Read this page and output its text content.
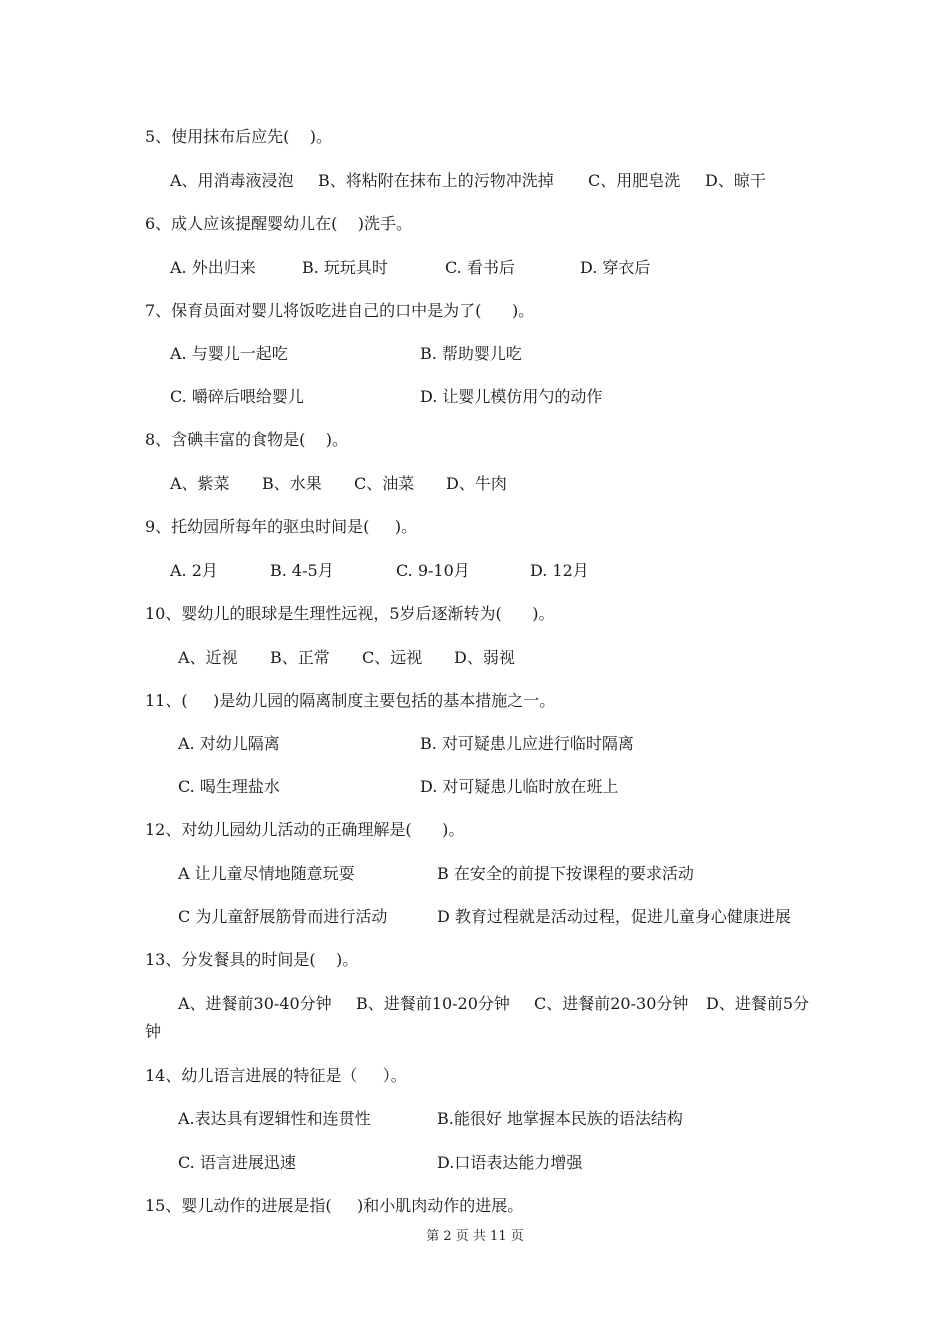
5、使用抹布后应先(    )。
A、用消毒液浸泡 B、将粘附在抹布上的污物冲洗掉 C、用肥皂洗 D、晾干
6、成人应该提醒婴幼儿在(    )洗手。
A. 外出归来	B. 玩玩具时	C. 看书后	D. 穿衣后
7、保育员面对婴儿将饭吃进自己的口中是为了(      )。
A. 与婴儿一起吃	B. 帮助婴儿吃
C. 嚼碎后喂给婴儿	D. 让婴儿模仿用勺的动作
8、含碘丰富的食物是(    )。
A、紫菜 B、水果 C、油菜 D、牛肉
9、托幼园所每年的驱虫时间是(     )。
A. 2月	B. 4-5月	C. 9-10月	D. 12月
10、婴幼儿的眼球是生理性远视，5岁后逐渐转为(      )。
A、近视 B、正常 C、远视 D、弱视
11、(     )是幼儿园的隔离制度主要包括的基本措施之一。
A. 对幼儿隔离	B. 对可疑患儿应进行临时隔离
C. 喝生理盐水	D. 对可疑患儿临时放在班上
12、对幼儿园幼儿活动的正确理解是(      )。
A 让儿童尽情地随意玩耍	B 在安全的前提下按课程的要求活动
C 为儿童舒展筋骨而进行活动	D 教育过程就是活动过程，促进儿童身心健康进展
13、分发餐具的时间是(    )。
A、进餐前30-40分钟 B、进餐前10-20分钟 C、进餐前20-30分钟 D、进餐前5分
钟
14、幼儿语言进展的特征是（     ）。
A.表达具有逻辑性和连贯性	B.能很好 地掌握本民族的语法结构
C. 语言进展迅速	D.口语表达能力增强
15、婴儿动作的进展是指(     )和小肌肉动作的进展。
第 2 页 共 11 页
